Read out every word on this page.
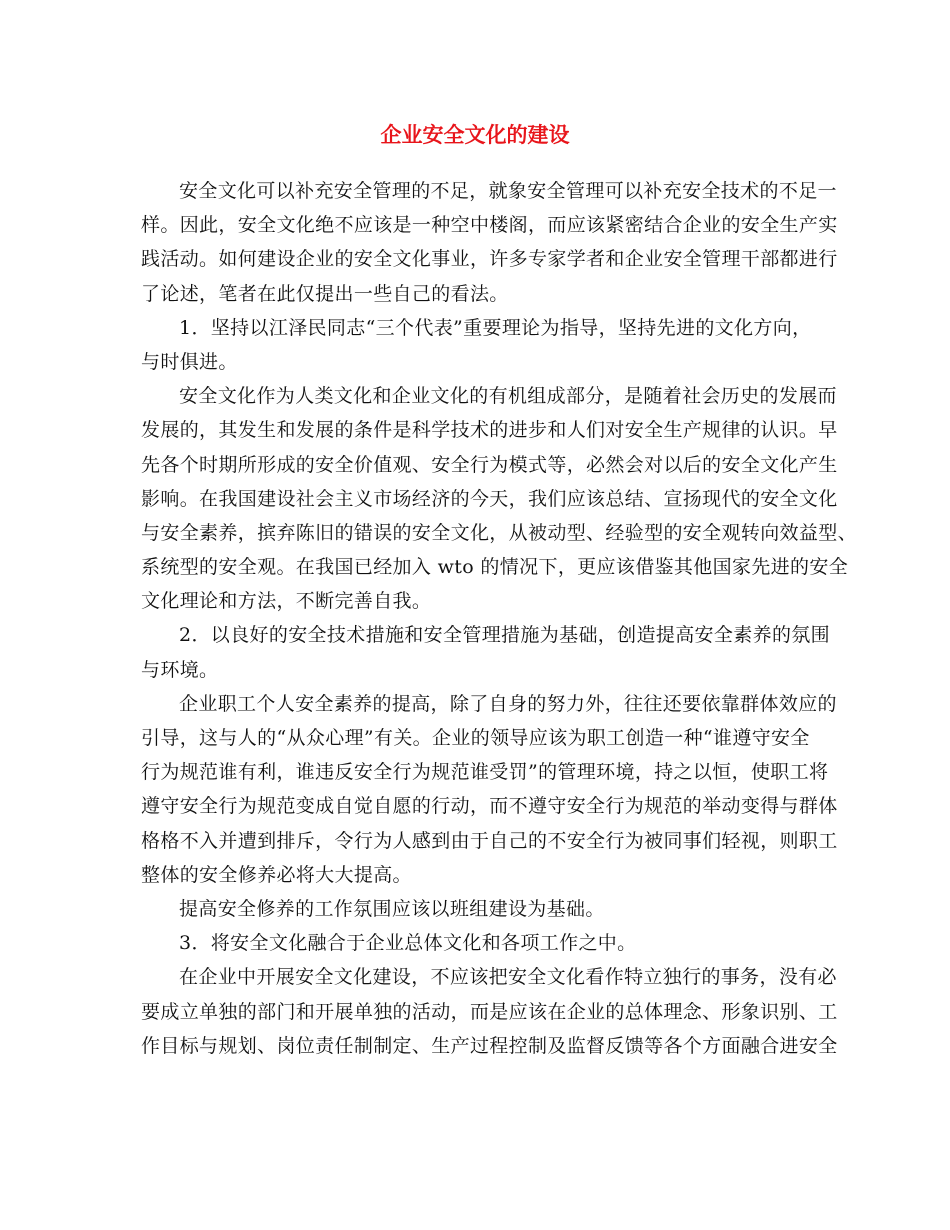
企业安全文化的建设
安全文化可以补充安全管理的不足，就象安全管理可以补充安全技术的不足一
样。因此，安全文化绝不应该是一种空中楼阁，而应该紧密结合企业的安全生产实
践活动。如何建设企业的安全文化事业，许多专家学者和企业安全管理干部都进行
了论述，笔者在此仅提出一些自己的看法。
1．坚持以江泽民同志“三个代表”重要理论为指导，坚持先进的文化方向，
与时俱进。
安全文化作为人类文化和企业文化的有机组成部分，是随着社会历史的发展而
发展的，其发生和发展的条件是科学技术的进步和人们对安全生产规律的认识。早
先各个时期所形成的安全价值观、安全行为模式等，必然会对以后的安全文化产生
影响。在我国建设社会主义市场经济的今天，我们应该总结、宣扬现代的安全文化
与安全素养，摈弃陈旧的错误的安全文化，从被动型、经验型的安全观转向效益型、
系统型的安全观。在我国已经加入 wto 的情况下，更应该借鉴其他国家先进的安全
文化理论和方法，不断完善自我。
2．以良好的安全技术措施和安全管理措施为基础，创造提高安全素养的氛围
与环境。
企业职工个人安全素养的提高，除了自身的努力外，往往还要依靠群体效应的
引导，这与人的“从众心理”有关。企业的领导应该为职工创造一种“谁遵守安全
行为规范谁有利，谁违反安全行为规范谁受罚”的管理环境，持之以恒，使职工将
遵守安全行为规范变成自觉自愿的行动，而不遵守安全行为规范的举动变得与群体
格格不入并遭到排斥，令行为人感到由于自己的不安全行为被同事们轻视，则职工
整体的安全修养必将大大提高。
提高安全修养的工作氛围应该以班组建设为基础。
3．将安全文化融合于企业总体文化和各项工作之中。
在企业中开展安全文化建设，不应该把安全文化看作特立独行的事务，没有必
要成立单独的部门和开展单独的活动，而是应该在企业的总体理念、形象识别、工
作目标与规划、岗位责任制制定、生产过程控制及监督反馈等各个方面融合进安全
